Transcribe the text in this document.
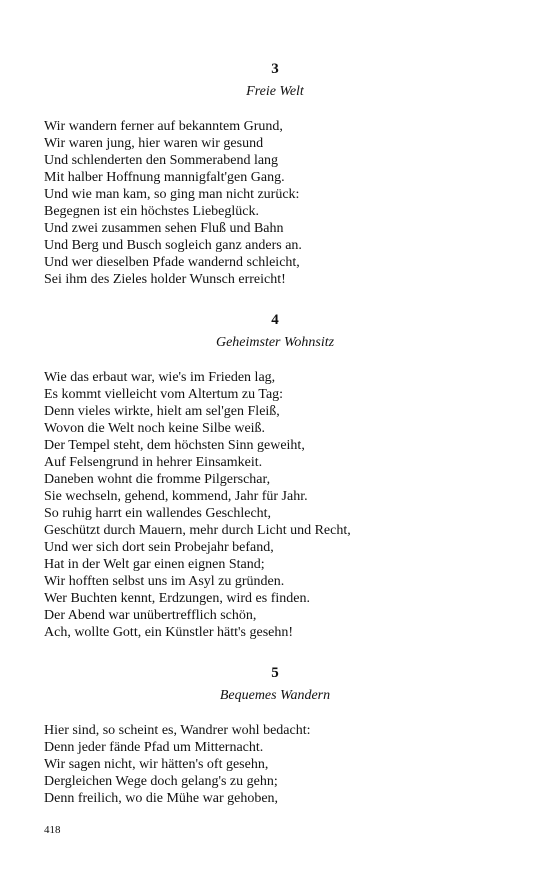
3
Freie Welt
Wir wandern ferner auf bekanntem Grund,
Wir waren jung, hier waren wir gesund
Und schlenderten den Sommerabend lang
Mit halber Hoffnung mannigfalt'gen Gang.
Und wie man kam, so ging man nicht zurück:
Begegnen ist ein höchstes Liebeglück.
Und zwei zusammen sehen Fluß und Bahn
Und Berg und Busch sogleich ganz anders an.
Und wer dieselben Pfade wandernd schleicht,
Sei ihm des Zieles holder Wunsch erreicht!
4
Geheimster Wohnsitz
Wie das erbaut war, wie's im Frieden lag,
Es kommt vielleicht vom Altertum zu Tag:
Denn vieles wirkte, hielt am sel'gen Fleiß,
Wovon die Welt noch keine Silbe weiß.
Der Tempel steht, dem höchsten Sinn geweiht,
Auf Felsengrund in hehrer Einsamkeit.
Daneben wohnt die fromme Pilgerschar,
Sie wechseln, gehend, kommend, Jahr für Jahr.
So ruhig harrt ein wallendes Geschlecht,
Geschützt durch Mauern, mehr durch Licht und Recht,
Und wer sich dort sein Probejahr befand,
Hat in der Welt gar einen eignen Stand;
Wir hofften selbst uns im Asyl zu gründen.
Wer Buchten kennt, Erdzungen, wird es finden.
Der Abend war unübertrefflich schön,
Ach, wollte Gott, ein Künstler hätt's gesehn!
5
Bequemes Wandern
Hier sind, so scheint es, Wandrer wohl bedacht:
Denn jeder fände Pfad um Mitternacht.
Wir sagen nicht, wir hätten's oft gesehn,
Dergleichen Wege doch gelang's zu gehn;
Denn freilich, wo die Mühe war gehoben,
418
